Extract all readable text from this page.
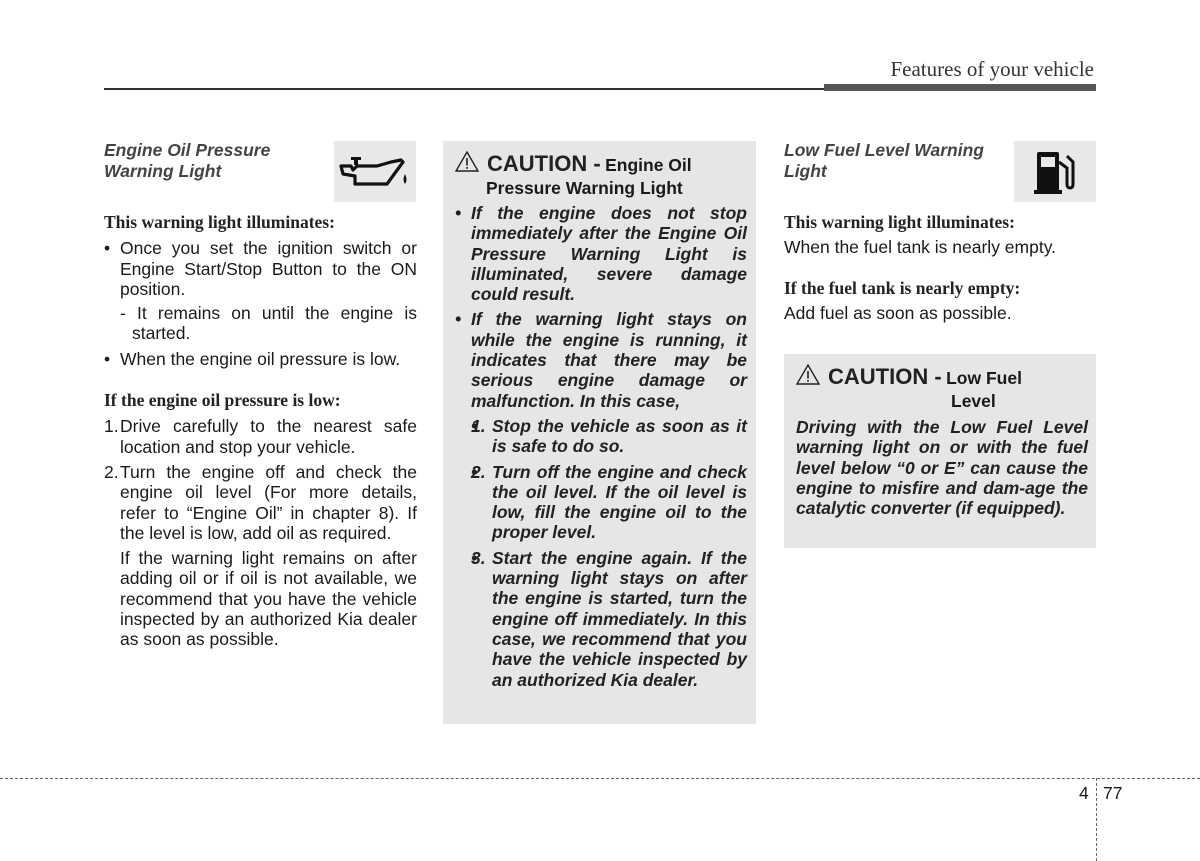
Features of your vehicle
Engine Oil Pressure
Warning Light
This warning light illuminates:
• Once you set the ignition switch or Engine Start/Stop Button to the ON position.
- It remains on until the engine is started.
• When the engine oil pressure is low.
If the engine oil pressure is low:
1. Drive carefully to the nearest safe location and stop your vehicle.
2. Turn the engine off and check the engine oil level (For more details, refer to “Engine Oil” in chapter 8). If the level is low, add oil as required.
If the warning light remains on after adding oil or if oil is not available, we recommend that you have the vehicle inspected by an authorized Kia dealer as soon as possible.
CAUTION - Engine Oil
Pressure Warning Light
• If the engine does not stop immediately after the Engine Oil Pressure Warning Light is illuminated, severe damage could result.
• If the warning light stays on while the engine is running, it indicates that there may be serious engine damage or malfunction. In this case,
• 1. Stop the vehicle as soon as it is safe to do so.
• 2. Turn off the engine and check the oil level. If the oil level is low, fill the engine oil to the proper level.
• 3. Start the engine again. If the warning light stays on after the engine is started, turn the engine off immediately. In this case, we recommend that you have the vehicle inspected by an authorized Kia dealer.
Low Fuel Level Warning
Light
This warning light illuminates:
When the fuel tank is nearly empty.
If the fuel tank is nearly empty:
Add fuel as soon as possible.
CAUTION - Low Fuel
Level
Driving with the Low Fuel Level warning light on or with the fuel level below “0 or E” can cause the engine to misfire and dam-age the catalytic converter (if equipped).
4 77
